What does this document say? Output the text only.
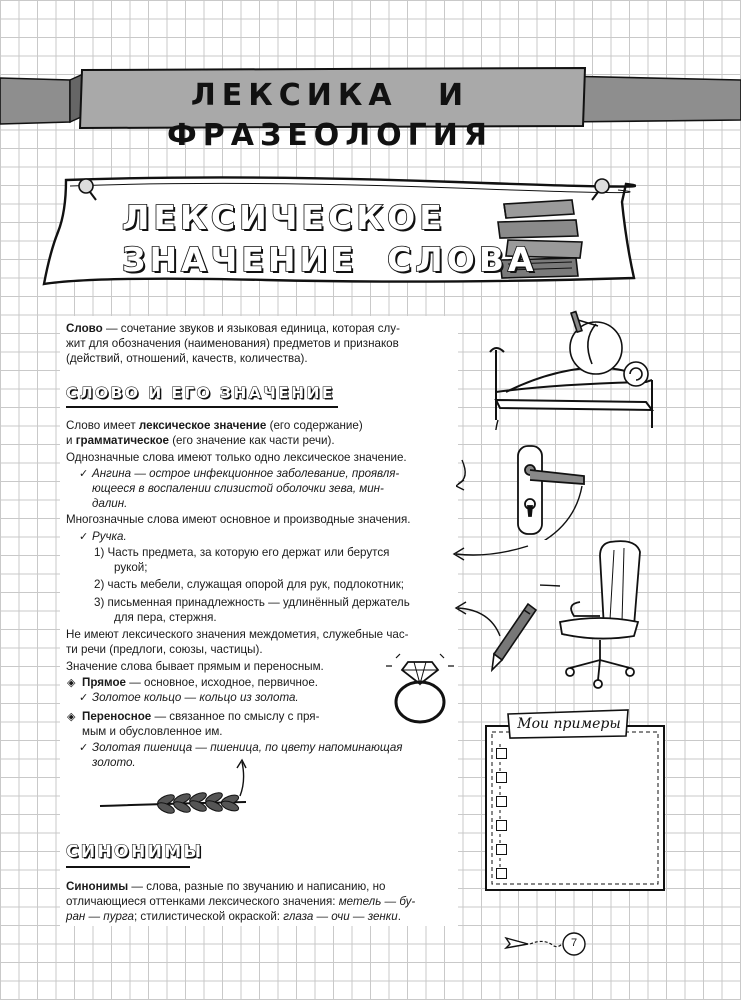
ЛЕКСИКА И ФРАЗЕОЛОГИЯ
ЛЕКСИЧЕСКОЕ
ЗНАЧЕНИЕ СЛОВА
Слово — сочетание звуков и языковая единица, которая слу-
жит для обозначения (наименования) предметов и признаков
(действий, отношений, качеств, количества).
СЛОВО И ЕГО ЗНАЧЕНИЕ
Слово имеет лексическое значение (его содержание)
и грамматическое (его значение как части речи).
Однозначные слова имеют только одно лексическое значение.
✓ Ангина — острое инфекционное заболевание, проявля-
ющееся в воспалении слизистой оболочки зева, мин-
далин.
Многозначные слова имеют основное и производные значения.
✓ Ручка.
1) Часть предмета, за которую его держат или берутся
рукой;
2) часть мебели, служащая опорой для рук, подлокотник;
3) письменная принадлежность — удлинённый держатель
для пера, стержня.
Не имеют лексического значения междометия, служебные час-
ти речи (предлоги, союзы, частицы).
Значение слова бывает прямым и переносным.
◈ Прямое — основное, исходное, первичное.
✓ Золотое кольцо — кольцо из золота.
◈ Переносное — связанное по смыслу с пря-
мым и обусловленное им.
✓ Золотая пшеница — пшеница, по цвету напоминающая
золото.
СИНОНИМЫ
Синонимы — слова, разные по звучанию и написанию, но
отличающиеся оттенками лексического значения: метель — бу-
ран — пурга; стилистической окраской: глаза — очи — зенки.
Мои примеры
7
